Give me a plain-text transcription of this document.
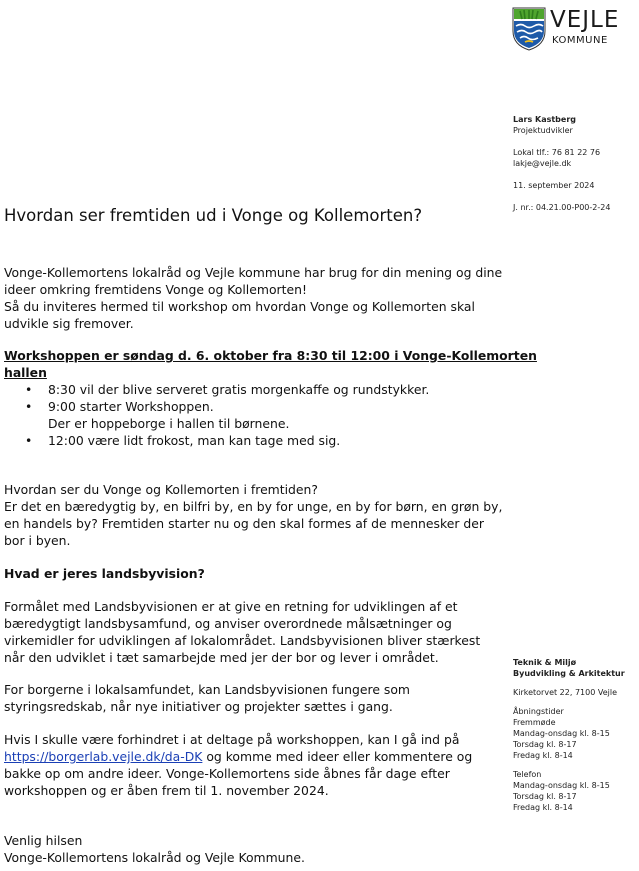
VEJLE
KOMMUNE
Lars Kastberg
Projektudvikler
Lokal tlf.: 76 81 22 76
lakje@vejle.dk
11. september 2024
J. nr.: 04.21.00-P00-2-24
Hvordan ser fremtiden ud i Vonge og Kollemorten?
Vonge-Kollemortens lokalråd og Vejle kommune har brug for din mening og dine
ideer omkring fremtidens Vonge og Kollemorten!
Så du inviteres hermed til workshop om hvordan Vonge og Kollemorten skal
udvikle sig fremover.
Workshoppen er søndag d. 6. oktober fra 8:30 til 12:00 i Vonge-Kollemorten
hallen
• 8:30 vil der blive serveret gratis morgenkaffe og rundstykker.
• 9:00 starter Workshoppen.
Der er hoppeborge i hallen til børnene.
• 12:00 være lidt frokost, man kan tage med sig.
Hvordan ser du Vonge og Kollemorten i fremtiden?
Er det en bæredygtig by, en bilfri by, en by for unge, en by for børn, en grøn by,
en handels by? Fremtiden starter nu og den skal formes af de mennesker der
bor i byen.
Hvad er jeres landsbyvision?
Formålet med Landsbyvisionen er at give en retning for udviklingen af et
bæredygtigt landsbysamfund, og anviser overordnede målsætninger og
virkemidler for udviklingen af lokalområdet. Landsbyvisionen bliver stærkest
når den udviklet i tæt samarbejde med jer der bor og lever i området.
For borgerne i lokalsamfundet, kan Landsbyvisionen fungere som
styringsredskab, når nye initiativer og projekter sættes i gang.
Hvis I skulle være forhindret i at deltage på workshoppen, kan I gå ind på
https://borgerlab.vejle.dk/da-DK og komme med ideer eller kommentere og
bakke op om andre ideer. Vonge-Kollemortens side åbnes får dage efter
workshoppen og er åben frem til 1. november 2024.
Venlig hilsen
Vonge-Kollemortens lokalråd og Vejle Kommune.
Teknik & Miljø
Byudvikling & Arkitektur
Kirketorvet 22, 7100 Vejle
Åbningstider
Fremmøde
Mandag-onsdag kl. 8-15
Torsdag kl. 8-17
Fredag kl. 8-14
Telefon
Mandag-onsdag kl. 8-15
Torsdag kl. 8-17
Fredag kl. 8-14
